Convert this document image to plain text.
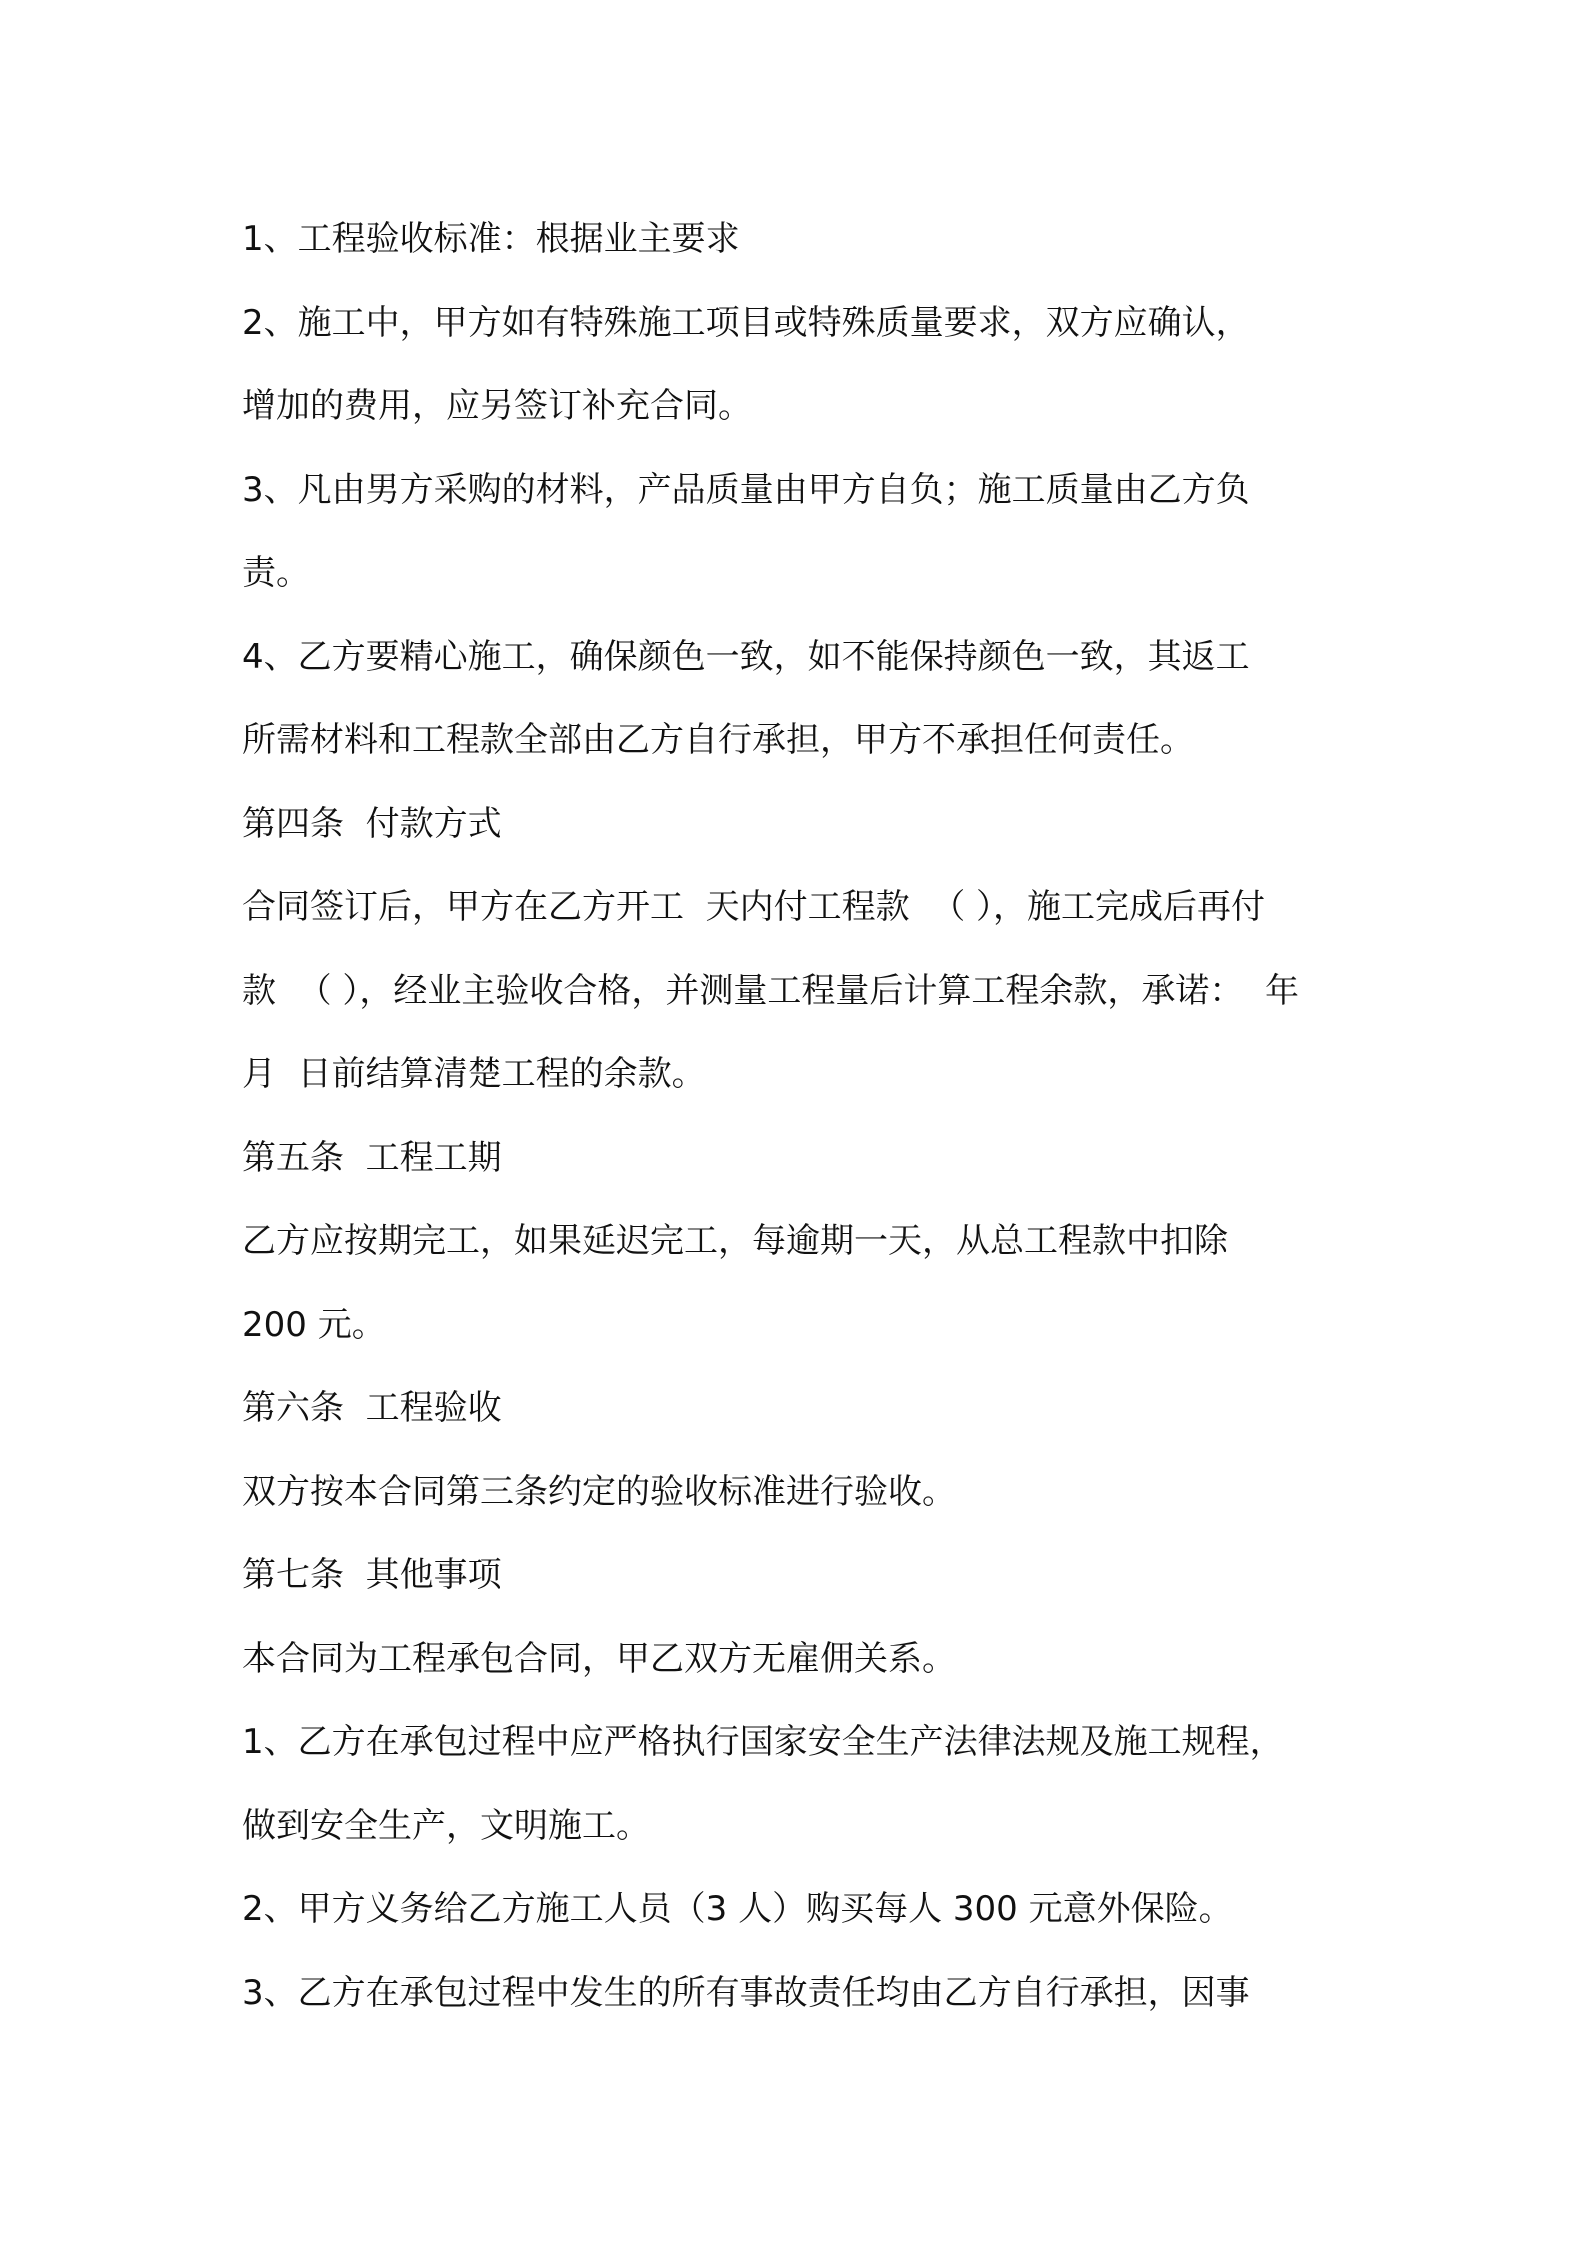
1、工程验收标准：根据业主要求
2、施工中，甲方如有特殊施工项目或特殊质量要求，双方应确认，
增加的费用，应另签订补充合同。
3、凡由男方采购的材料，产品质量由甲方自负；施工质量由乙方负
责。
4、乙方要精心施工，确保颜色一致，如不能保持颜色一致，其返工
所需材料和工程款全部由乙方自行承担，甲方不承担任何责任。
第四条  付款方式
合同签订后，甲方在乙方开工  天内付工程款  （ ），施工完成后再付
款  （ ），经业主验收合格，并测量工程量后计算工程余款，承诺：  年
月  日前结算清楚工程的余款。
第五条  工程工期
乙方应按期完工，如果延迟完工，每逾期一天，从总工程款中扣除
200 元。
第六条  工程验收
双方按本合同第三条约定的验收标准进行验收。
第七条  其他事项
本合同为工程承包合同，甲乙双方无雇佣关系。
1、乙方在承包过程中应严格执行国家安全生产法律法规及施工规程，
做到安全生产，文明施工。
2、甲方义务给乙方施工人员（3 人）购买每人 300 元意外保险。
3、乙方在承包过程中发生的所有事故责任均由乙方自行承担，因事
